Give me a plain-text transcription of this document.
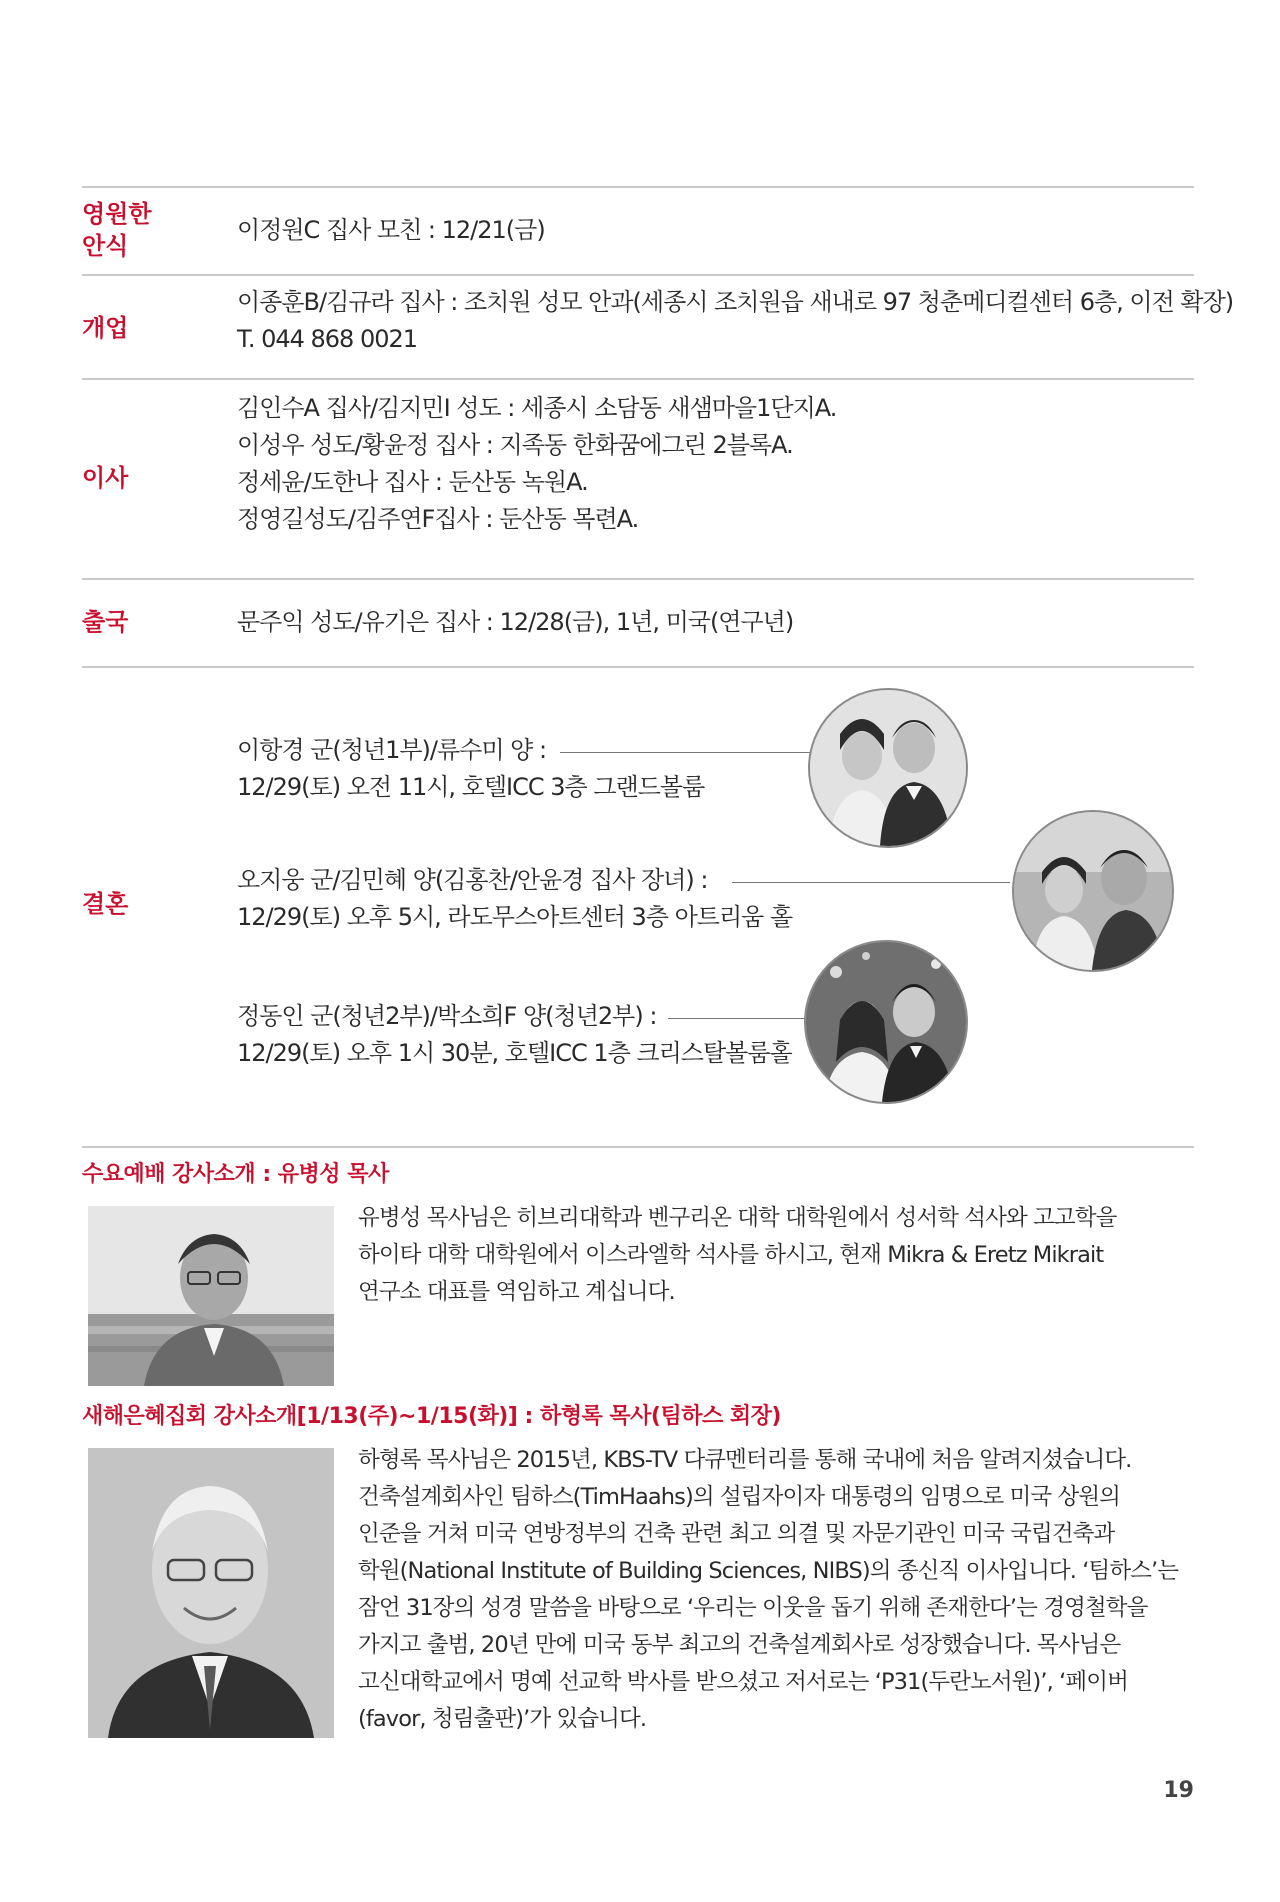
영원한
안식
이정원C 집사 모친 : 12/21(금)
개업
이종훈B/김규라 집사 : 조치원 성모 안과(세종시 조치원읍 새내로 97 청춘메디컬센터 6층, 이전 확장)
T. 044 868 0021
이사
김인수A 집사/김지민I 성도 : 세종시 소담동 새샘마을1단지A.
이성우 성도/황윤정 집사 : 지족동 한화꿈에그린 2블록A.
정세윤/도한나 집사 : 둔산동 녹원A.
정영길성도/김주연F집사 : 둔산동 목련A.
출국	문주익 성도/유기은 집사 : 12/28(금), 1년, 미국(연구년)
결혼
이항경 군(청년1부)/류수미 양 :
12/29(토) 오전 11시, 호텔ICC 3층 그랜드볼룸
오지웅 군/김민혜 양(김홍찬/안윤경 집사 장녀) :
12/29(토) 오후 5시, 라도무스아트센터 3층 아트리움 홀
정동인 군(청년2부)/박소희F 양(청년2부) :
12/29(토) 오후 1시 30분, 호텔ICC 1층 크리스탈볼룸홀
수요예배 강사소개 : 유병성 목사
유병성 목사님은 히브리대학과 벤구리온 대학 대학원에서 성서학 석사와 고고학을
하이타 대학 대학원에서 이스라엘학 석사를 하시고, 현재 Mikra & Eretz Mikrait
연구소 대표를 역임하고 계십니다.
새해은혜집회 강사소개[1/13(주)~1/15(화)] : 하형록 목사(팀하스 회장)
하형록 목사님은 2015년, KBS-TV 다큐멘터리를 통해 국내에 처음 알려지셨습니다.
건축설계회사인 팀하스(TimHaahs)의 설립자이자 대통령의 임명으로 미국 상원의
인준을 거쳐 미국 연방정부의 건축 관련 최고 의결 및 자문기관인 미국 국립건축과
학원(National Institute of Building Sciences, NIBS)의 종신직 이사입니다. ‘팀하스’는
잠언 31장의 성경 말씀을 바탕으로 ‘우리는 이웃을 돕기 위해 존재한다’는 경영철학을
가지고 출범, 20년 만에 미국 동부 최고의 건축설계회사로 성장했습니다. 목사님은
고신대학교에서 명예 선교학 박사를 받으셨고 저서로는 ‘P31(두란노서원)’, ‘페이버
(favor, 청림출판)’가 있습니다.
19
